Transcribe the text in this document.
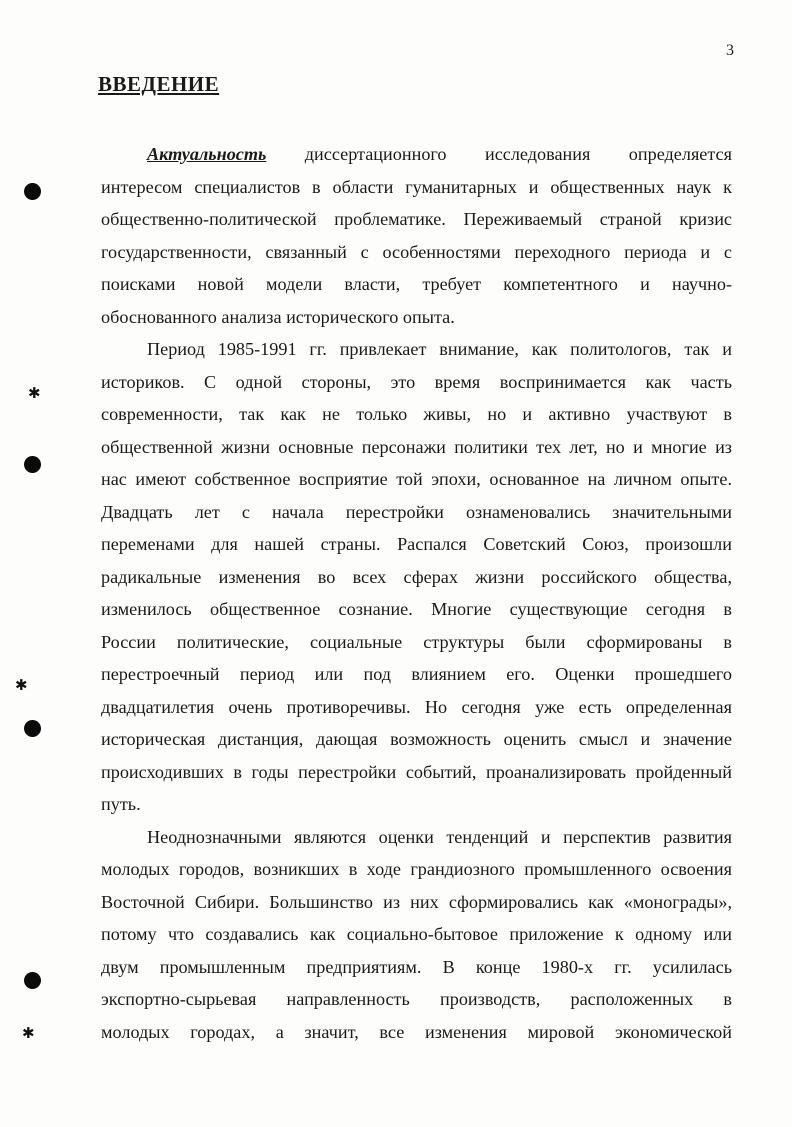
3
ВВЕДЕНИЕ
Актуальность диссертационного исследования определяется
интересом специалистов в области гуманитарных и общественных наук к
общественно-политической проблематике. Переживаемый страной кризис
государственности, связанный с особенностями переходного периода и с
поисками новой модели власти, требует компетентного и научно-
обоснованного анализа исторического опыта.
Период 1985-1991 гг. привлекает внимание, как политологов, так и
историков. С одной стороны, это время воспринимается как часть
современности, так как не только живы, но и активно участвуют в
общественной жизни основные персонажи политики тех лет, но и многие из
нас имеют собственное восприятие той эпохи, основанное на личном опыте.
Двадцать лет с начала перестройки ознаменовались значительными
переменами для нашей страны. Распался Советский Союз, произошли
радикальные изменения во всех сферах жизни российского общества,
изменилось общественное сознание. Многие существующие сегодня в
России политические, социальные структуры были сформированы в
перестроечный период или под влиянием его. Оценки прошедшего
двадцатилетия очень противоречивы. Но сегодня уже есть определенная
историческая дистанция, дающая возможность оценить смысл и значение
происходивших в годы перестройки событий, проанализировать пройденный
путь.
Неоднозначными являются оценки тенденций и перспектив развития
молодых городов, возникших в ходе грандиозного промышленного освоения
Восточной Сибири. Большинство из них сформировались как «монограды»,
потому что создавались как социально-бытовое приложение к одному или
двум промышленным предприятиям. В конце 1980-х гг. усилилась
экспортно-сырьевая направленность производств, расположенных в
молодых городах, а значит, все изменения мировой экономической
✱
✱
✱
